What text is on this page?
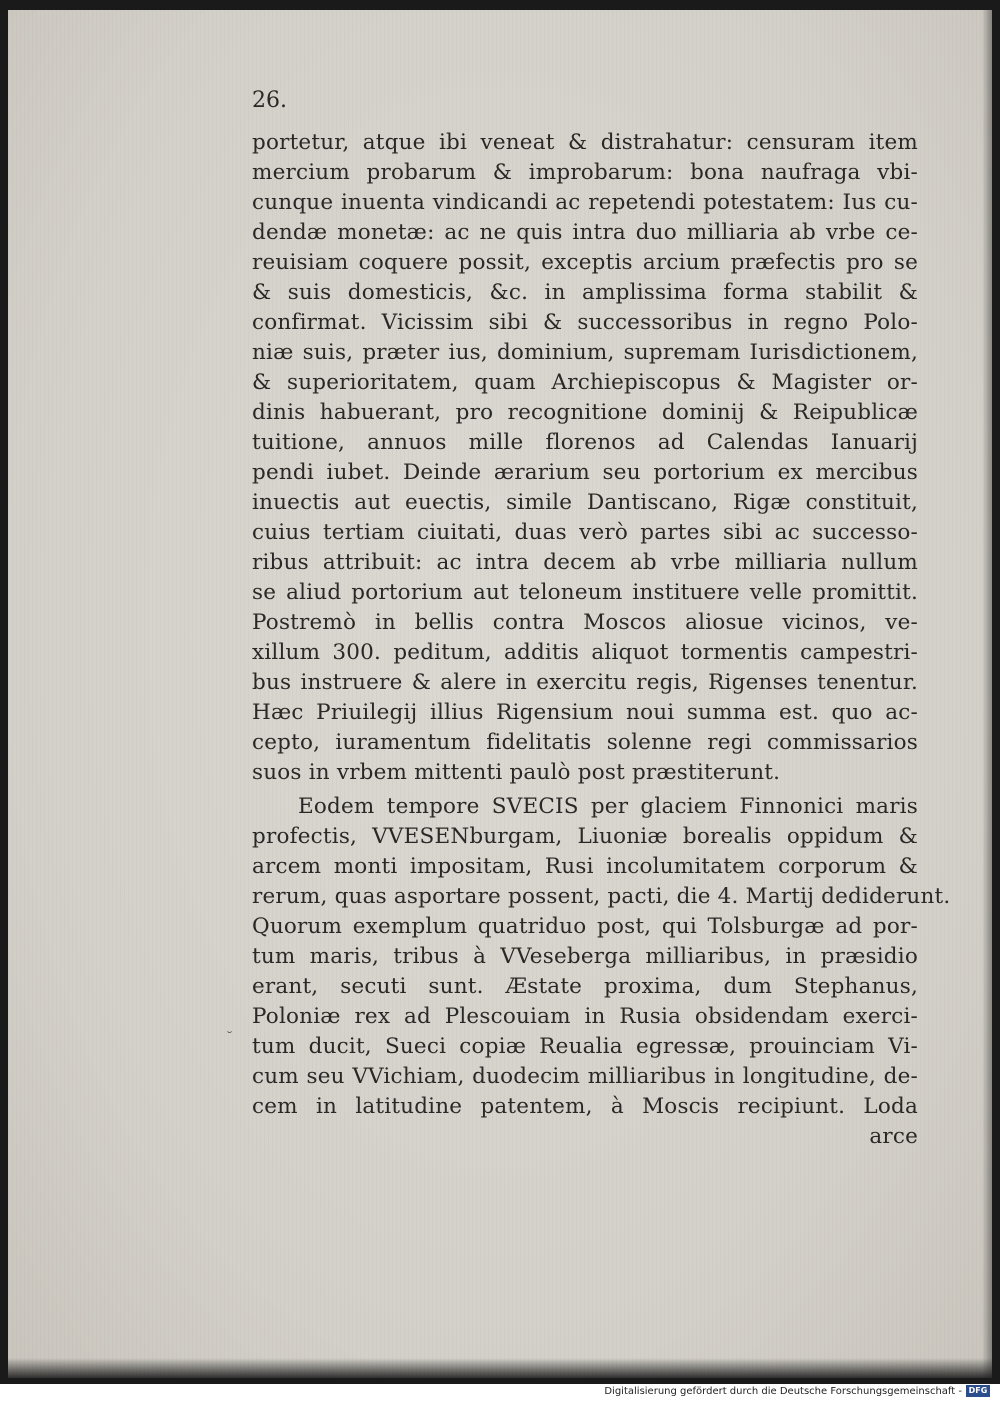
26.
portetur, atque ibi veneat & distrahatur: censuram item
mercium probarum & improbarum: bona naufraga vbi-
cunque inuenta vindicandi ac repetendi potestatem: Ius cu-
dendæ monetæ: ac ne quis intra duo milliaria ab vrbe ce-
reuisiam coquere possit, exceptis arcium præfectis pro se
& suis domesticis, &c. in amplissima forma stabilit &
confirmat. Vicissim sibi & successoribus in regno Polo-
niæ suis, præter ius, dominium, supremam Iurisdictionem,
& superioritatem, quam Archiepiscopus & Magister or-
dinis habuerant, pro recognitione dominij & Reipublicæ
tuitione, annuos mille florenos ad Calendas Ianuarij
pendi iubet. Deinde ærarium seu portorium ex mercibus
inuectis aut euectis, simile Dantiscano, Rigæ constituit,
cuius tertiam ciuitati, duas verò partes sibi ac successo-
ribus attribuit: ac intra decem ab vrbe milliaria nullum
se aliud portorium aut teloneum instituere velle promittit.
Postremò in bellis contra Moscos aliosue vicinos, ve-
xillum 300. peditum, additis aliquot tormentis campestri-
bus instruere & alere in exercitu regis, Rigenses tenentur.
Hæc Priuilegij illius Rigensium noui summa est. quo ac-
cepto, iuramentum fidelitatis solenne regi commissarios
suos in vrbem mittenti paulò post præstiterunt.
Eodem tempore SVECIS per glaciem Finnonici maris
profectis, VVESENburgam, Liuoniæ borealis oppidum &
arcem monti impositam, Rusi incolumitatem corporum &
rerum, quas asportare possent, pacti, die 4. Martij dediderunt.
Quorum exemplum quatriduo post, qui Tolsburgæ ad por-
tum maris, tribus à VVeseberga milliaribus, in præsidio
erant, secuti sunt. Æstate proxima, dum Stephanus,
Poloniæ rex ad Plescouiam in Rusia obsidendam exerci-
tum ducit, Sueci copiæ Reualia egressæ, prouinciam Vi-
cum seu VVichiam, duodecim milliaribus in longitudine, de-
cem in latitudine patentem, à Moscis recipiunt. Loda
arce
˘
Digitalisierung gefördert durch die Deutsche Forschungsgemeinschaft - DFG
